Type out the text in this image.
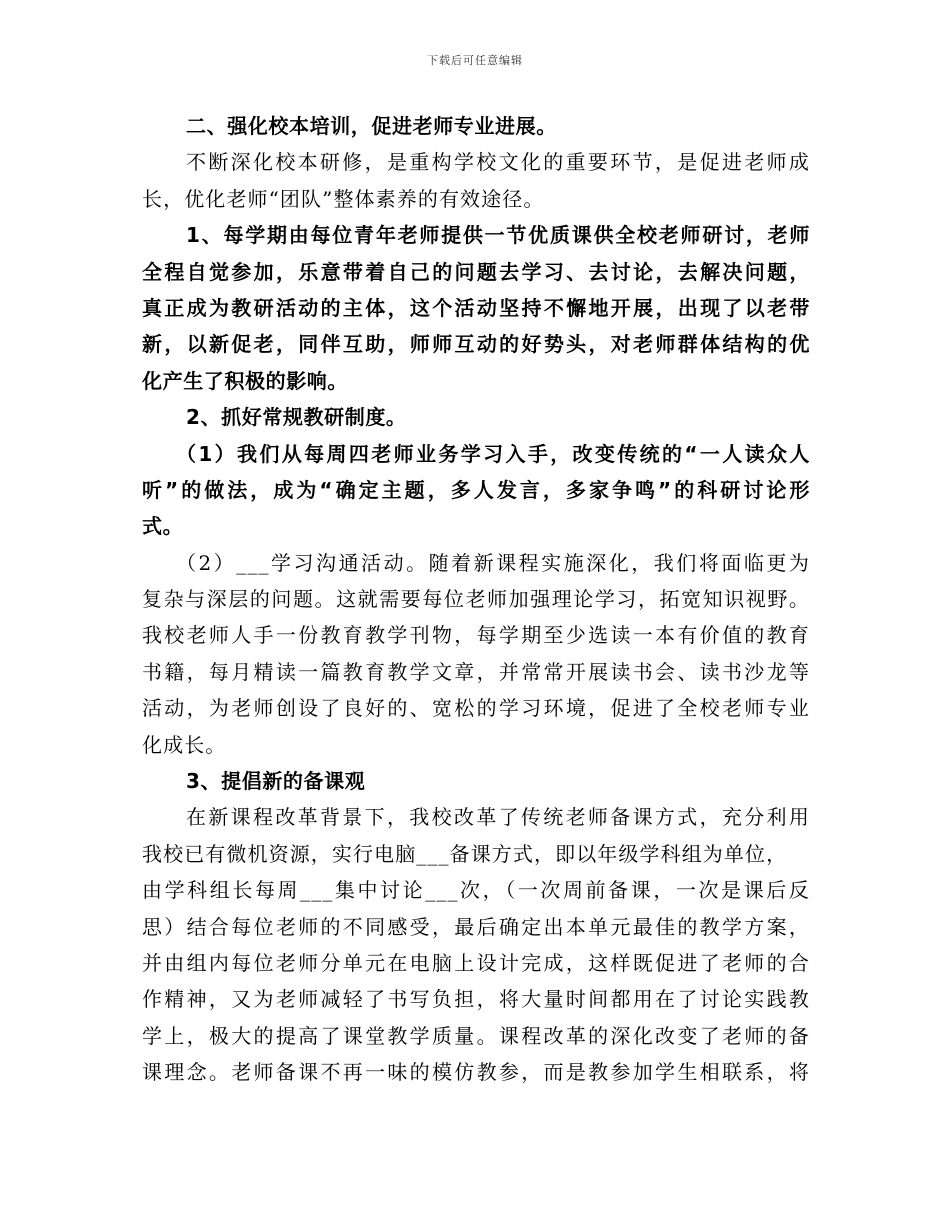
下载后可任意编辑
二、强化校本培训，促进老师专业进展。
不断深化校本研修，是重构学校文化的重要环节，是促进老师成
长，优化老师“团队”整体素养的有效途径。
1、每学期由每位青年老师提供一节优质课供全校老师研讨，老师
全程自觉参加，乐意带着自己的问题去学习、去讨论，去解决问题，
真正成为教研活动的主体，这个活动坚持不懈地开展，出现了以老带
新，以新促老，同伴互助，师师互动的好势头，对老师群体结构的优
化产生了积极的影响。
2、抓好常规教研制度。
（1）我们从每周四老师业务学习入手，改变传统的“一人读众人
听”的做法，成为“确定主题，多人发言，多家争鸣”的科研讨论形
式。
（2）___学习沟通活动。随着新课程实施深化，我们将面临更为
复杂与深层的问题。这就需要每位老师加强理论学习，拓宽知识视野。
我校老师人手一份教育教学刊物，每学期至少选读一本有价值的教育
书籍，每月精读一篇教育教学文章，并常常开展读书会、读书沙龙等
活动，为老师创设了良好的、宽松的学习环境，促进了全校老师专业
化成长。
3、提倡新的备课观
在新课程改革背景下，我校改革了传统老师备课方式，充分利用
我校已有微机资源，实行电脑___备课方式，即以年级学科组为单位，
由学科组长每周___集中讨论___次，（一次周前备课，一次是课后反
思）结合每位老师的不同感受，最后确定出本单元最佳的教学方案，
并由组内每位老师分单元在电脑上设计完成，这样既促进了老师的合
作精神，又为老师减轻了书写负担，将大量时间都用在了讨论实践教
学上，极大的提高了课堂教学质量。课程改革的深化改变了老师的备
课理念。老师备课不再一味的模仿教参，而是教参加学生相联系，将
